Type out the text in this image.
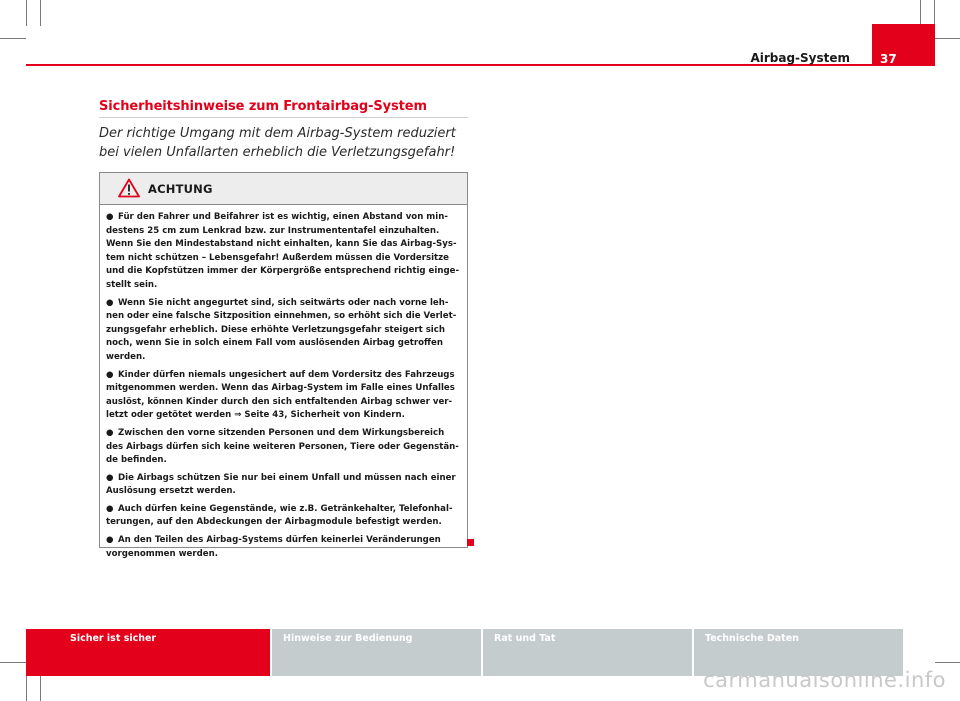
37
Airbag-System
Sicherheitshinweise zum Frontairbag-System
Der richtige Umgang mit dem Airbag-System reduziert bei vielen Unfallarten erheblich die Verletzungsgefahr!
ACHTUNG

● Für den Fahrer und Beifahrer ist es wichtig, einen Abstand von mindestens 25 cm zum Lenkrad bzw. zur Instrumententafel einzuhalten. Wenn Sie den Mindestabstand nicht einhalten, kann Sie das Airbag-System nicht schützen – Lebensgefahr! Außerdem müssen die Vordersitze und die Kopfstützen immer der Körpergröße entsprechend richtig eingestellt sein.

● Wenn Sie nicht angegurtet sind, sich seitwärts oder nach vorne lehnen oder eine falsche Sitzposition einnehmen, so erhöht sich die Verletzungsgefahr erheblich. Diese erhöhte Verletzungsgefahr steigert sich noch, wenn Sie in solch einem Fall vom auslösenden Airbag getroffen werden.

● Kinder dürfen niemals ungesichert auf dem Vordersitz des Fahrzeugs mitgenommen werden. Wenn das Airbag-System im Falle eines Unfalles auslöst, können Kinder durch den sich entfaltenden Airbag schwer verletzt oder getötet werden ⇒ Seite 43, Sicherheit von Kindern.

● Zwischen den vorne sitzenden Personen und dem Wirkungsbereich des Airbags dürfen sich keine weiteren Personen, Tiere oder Gegenstände befinden.

● Die Airbags schützen Sie nur bei einem Unfall und müssen nach einer Auslösung ersetzt werden.

● Auch dürfen keine Gegenstände, wie z.B. Getränkehalter, Telefonhalterungen, auf den Abdeckungen der Airbagmodule befestigt werden.

● An den Teilen des Airbag-Systems dürfen keinerlei Veränderungen vorgenommen werden.

Sicher ist sicher	Hinweise zur Bedienung	Rat und Tat	Technische Daten
carmanualsonline.info
